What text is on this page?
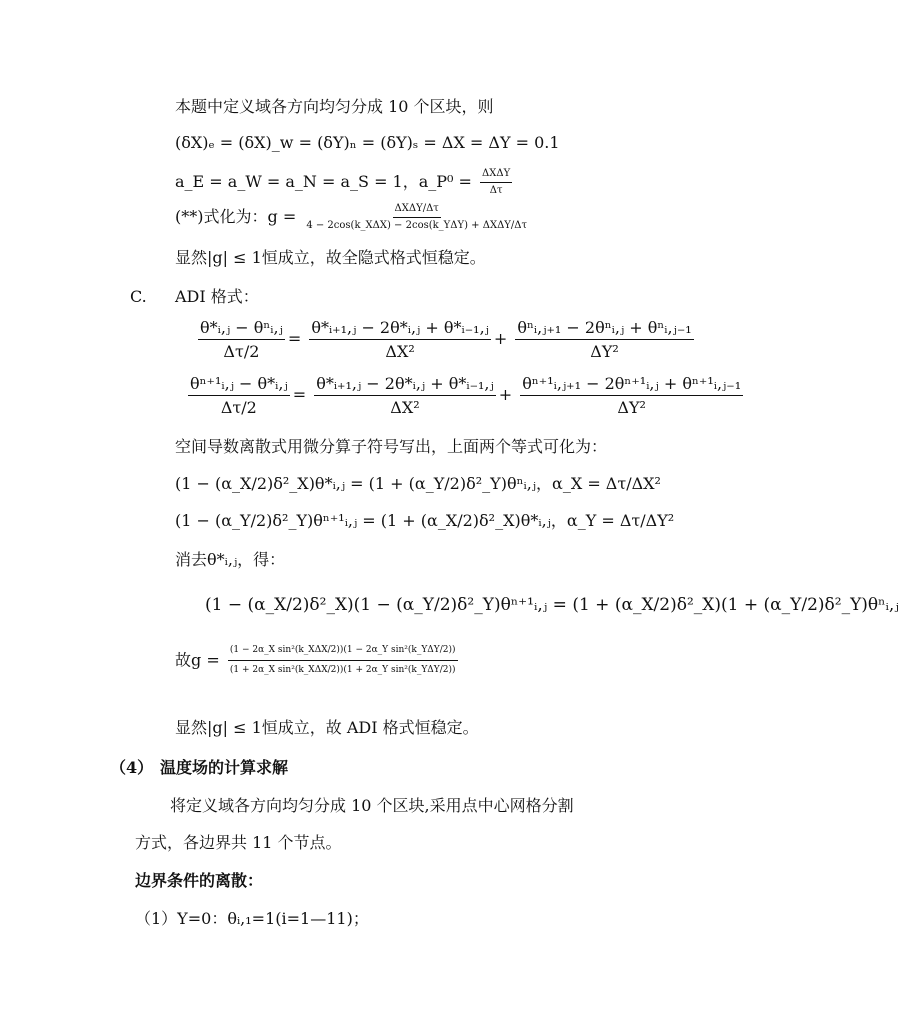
本题中定义域各方向均匀分成 10 个区块，则
(δX)ₑ = (δX)_w = (δY)ₙ = (δY)ₛ = ΔX = ΔY = 0.1
a_E = a_W = a_N = a_S = 1，a_P⁰ = $\frac{\text{ΔXΔY}}{\Delta\tau}$
(**)式化为：$g = \frac{\text{ΔXΔY/Δτ}}{\text{4 − 2cos(k\_XΔX) − 2cos(k\_YΔY) + ΔXΔY/Δτ}}$
显然|g| ≤ 1恒成立，故全隐式格式恒稳定。
C. ADI 格式：
$\frac{\text{θ*ᵢ,ⱼ − θⁿᵢ,ⱼ}}{\Delta\tau/2} = \frac{\text{θ*ᵢ₊₁,ⱼ − 2θ*ᵢ,ⱼ + θ*ᵢ₋₁,ⱼ}}{\text{ΔX²}} + \frac{\text{θⁿᵢ,ⱼ₊₁ − 2θⁿᵢ,ⱼ + θⁿᵢ,ⱼ₋₁}}{\text{ΔY²}}$
$\frac{\text{θⁿ⁺¹ᵢ,ⱼ − θ*ᵢ,ⱼ}}{\Delta\tau/2} = \frac{\text{θ*ᵢ₊₁,ⱼ − 2θ*ᵢ,ⱼ + θ*ᵢ₋₁,ⱼ}}{\text{ΔX²}} + \frac{\text{θⁿ⁺¹ᵢ,ⱼ₊₁ − 2θⁿ⁺¹ᵢ,ⱼ + θⁿ⁺¹ᵢ,ⱼ₋₁}}{\text{ΔY²}}$
空间导数离散式用微分算子符号写出，上面两个等式可化为：
(1 − (α_X/2)δ²_X)θ*ᵢ,ⱼ = (1 + (α_Y/2)δ²_Y)θⁿᵢ,ⱼ，α_X = Δτ/ΔX²
(1 − (α_Y/2)δ²_Y)θⁿ⁺¹ᵢ,ⱼ = (1 + (α_X/2)δ²_X)θ*ᵢ,ⱼ，α_Y = Δτ/ΔY²
消去θ*ᵢ,ⱼ，得：
(1 − (α_X/2)δ²_X)(1 − (α_Y/2)δ²_Y)θⁿ⁺¹ᵢ,ⱼ = (1 + (α_X/2)δ²_X)(1 + (α_Y/2)δ²_Y)θⁿᵢ,ⱼ
故$g = \frac{\text{(1 − 2α\_X sin²(k\_XΔX/2))(1 − 2α\_Y sin²(k\_YΔY/2))}}{\text{(1 + 2α\_X sin²(k\_XΔX/2))(1 + 2α\_Y sin²(k\_YΔY/2))}}$
显然|g| ≤ 1恒成立，故 ADI 格式恒稳定。
（4） 温度场的计算求解
将定义域各方向均匀分成 10 个区块,采用点中心网格分割
方式，各边界共 11 个节点。
边界条件的离散：
（1）Y=0：θᵢ,₁=1(i=1—11)；
